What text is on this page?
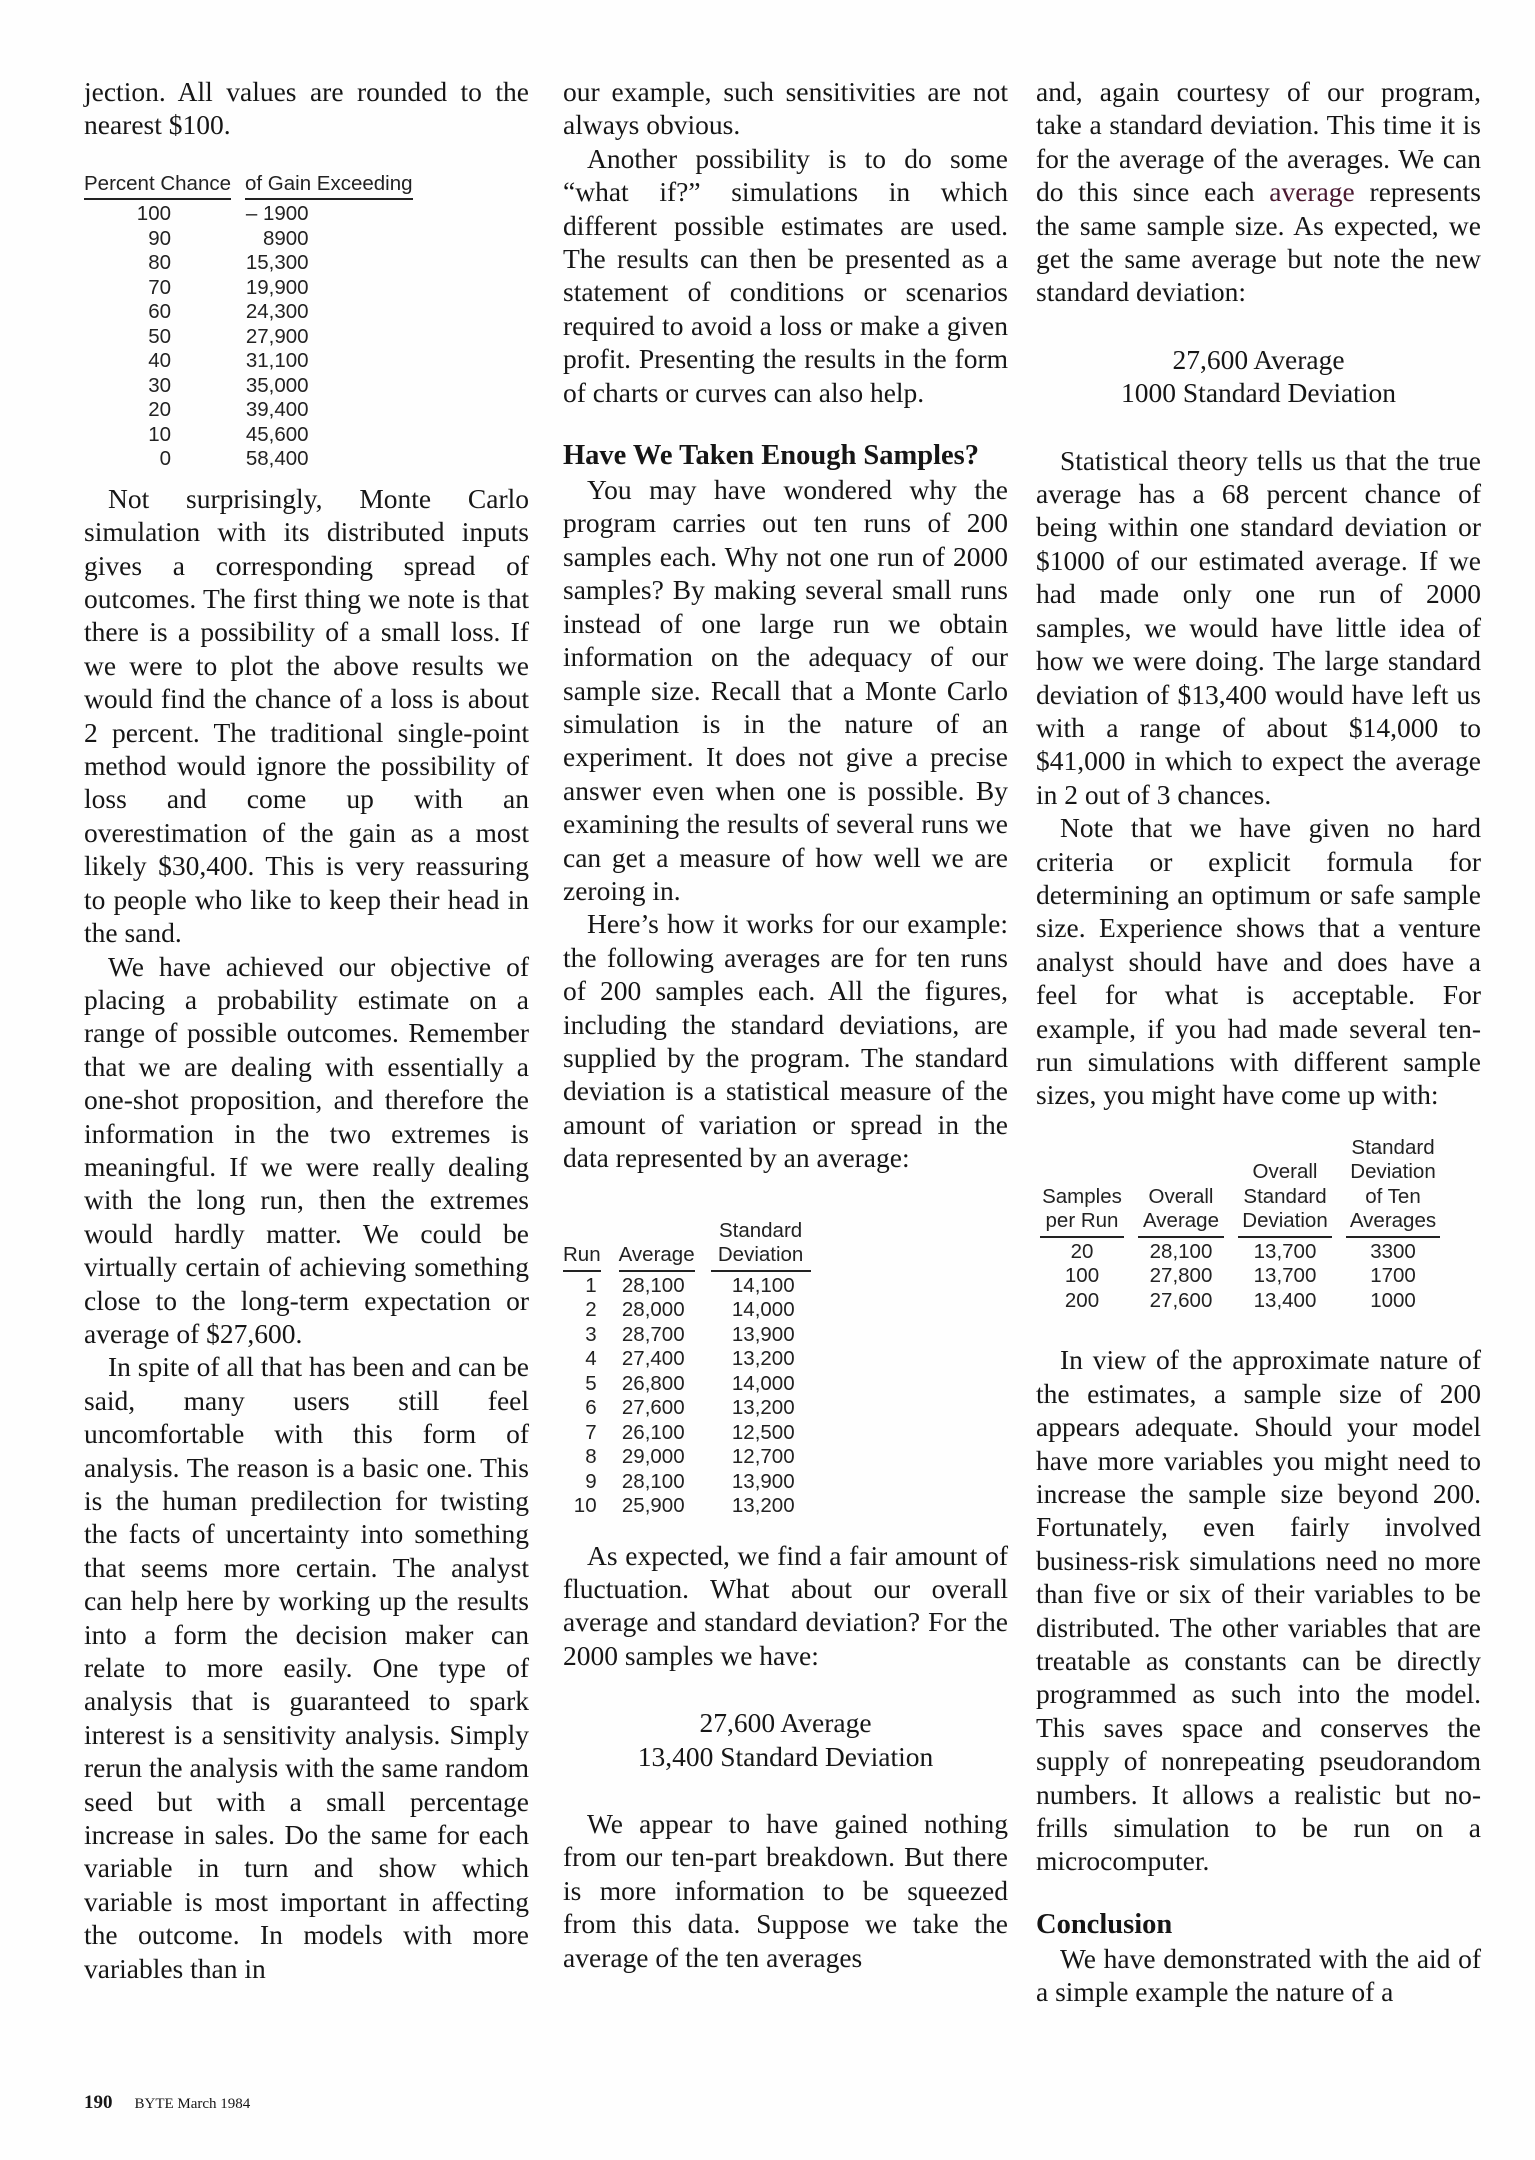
jection. All values are rounded to the nearest $100.

Percent Chance	of Gain Exceeding
100	– 1900
90	8900
80	15,300
70	19,900
60	24,300
50	27,900
40	31,100
30	35,000
20	39,400
10	45,600
0	58,400

Not surprisingly, Monte Carlo simulation with its distributed inputs gives a corresponding spread of outcomes. The first thing we note is that there is a possibility of a small loss. If we were to plot the above results we would find the chance of a loss is about 2 percent. The traditional single-point method would ignore the possibility of loss and come up with an overestimation of the gain as a most likely $30,400. This is very reassuring to people who like to keep their head in the sand.

We have achieved our objective of placing a probability estimate on a range of possible outcomes. Remember that we are dealing with essentially a one-shot proposition, and therefore the information in the two extremes is meaningful. If we were really dealing with the long run, then the extremes would hardly matter. We could be virtually certain of achieving something close to the long-term expectation or average of $27,600.

In spite of all that has been and can be said, many users still feel uncomfortable with this form of analysis. The reason is a basic one. This is the human predilection for twisting the facts of uncertainty into something that seems more certain. The analyst can help here by working up the results into a form the decision maker can relate to more easily. One type of analysis that is guaranteed to spark interest is a sensitivity analysis. Simply rerun the analysis with the same random seed but with a small percentage increase in sales. Do the same for each variable in turn and show which variable is most important in affecting the outcome. In models with more variables than in

our example, such sensitivities are not always obvious.

Another possibility is to do some “what if?” simulations in which different possible estimates are used. The results can then be presented as a statement of conditions or scenarios required to avoid a loss or make a given profit. Presenting the results in the form of charts or curves can also help.

Have We Taken Enough Samples?

You may have wondered why the program carries out ten runs of 200 samples each. Why not one run of 2000 samples? By making several small runs instead of one large run we obtain information on the adequacy of our sample size. Recall that a Monte Carlo simulation is in the nature of an experiment. It does not give a precise answer even when one is possible. By examining the results of several runs we can get a measure of how well we are zeroing in.

Here’s how it works for our example: the following averages are for ten runs of 200 samples each. All the figures, including the standard deviations, are supplied by the program. The standard deviation is a statistical measure of the amount of variation or spread in the data represented by an average:

Run	Average	Standard Deviation
1	28,100	14,100
2	28,000	14,000
3	28,700	13,900
4	27,400	13,200
5	26,800	14,000
6	27,600	13,200
7	26,100	12,500
8	29,000	12,700
9	28,100	13,900
10	25,900	13,200

As expected, we find a fair amount of fluctuation. What about our overall average and standard deviation? For the 2000 samples we have:

27,600 Average

13,400 Standard Deviation

We appear to have gained nothing from our ten-part breakdown. But there is more information to be squeezed from this data. Suppose we take the average of the ten averages

and, again courtesy of our program, take a standard deviation. This time it is for the average of the averages. We can do this since each average represents the same sample size. As expected, we get the same average but note the new standard deviation:

27,600 Average

1000 Standard Deviation

Statistical theory tells us that the true average has a 68 percent chance of being within one standard deviation or $1000 of our estimated average. If we had made only one run of 2000 samples, we would have little idea of how we were doing. The large standard deviation of $13,400 would have left us with a range of about $14,000 to $41,000 in which to expect the average in 2 out of 3 chances.

Note that we have given no hard criteria or explicit formula for determining an optimum or safe sample size. Experience shows that a venture analyst should have and does have a feel for what is acceptable. For example, if you had made several ten-run simulations with different sample sizes, you might have come up with:

Samples per Run	Overall Average	Overall Standard Deviation	Standard Deviation of Ten Averages
20	28,100	13,700	3300
100	27,800	13,700	1700
200	27,600	13,400	1000

In view of the approximate nature of the estimates, a sample size of 200 appears adequate. Should your model have more variables you might need to increase the sample size beyond 200. Fortunately, even fairly involved business-risk simulations need no more than five or six of their variables to be distributed. The other variables that are treatable as constants can be directly programmed as such into the model. This saves space and conserves the supply of nonrepeating pseudorandom numbers. It allows a realistic but no-frills simulation to be run on a microcomputer.

Conclusion

We have demonstrated with the aid of a simple example the nature of a

190 BYTE March 1984
